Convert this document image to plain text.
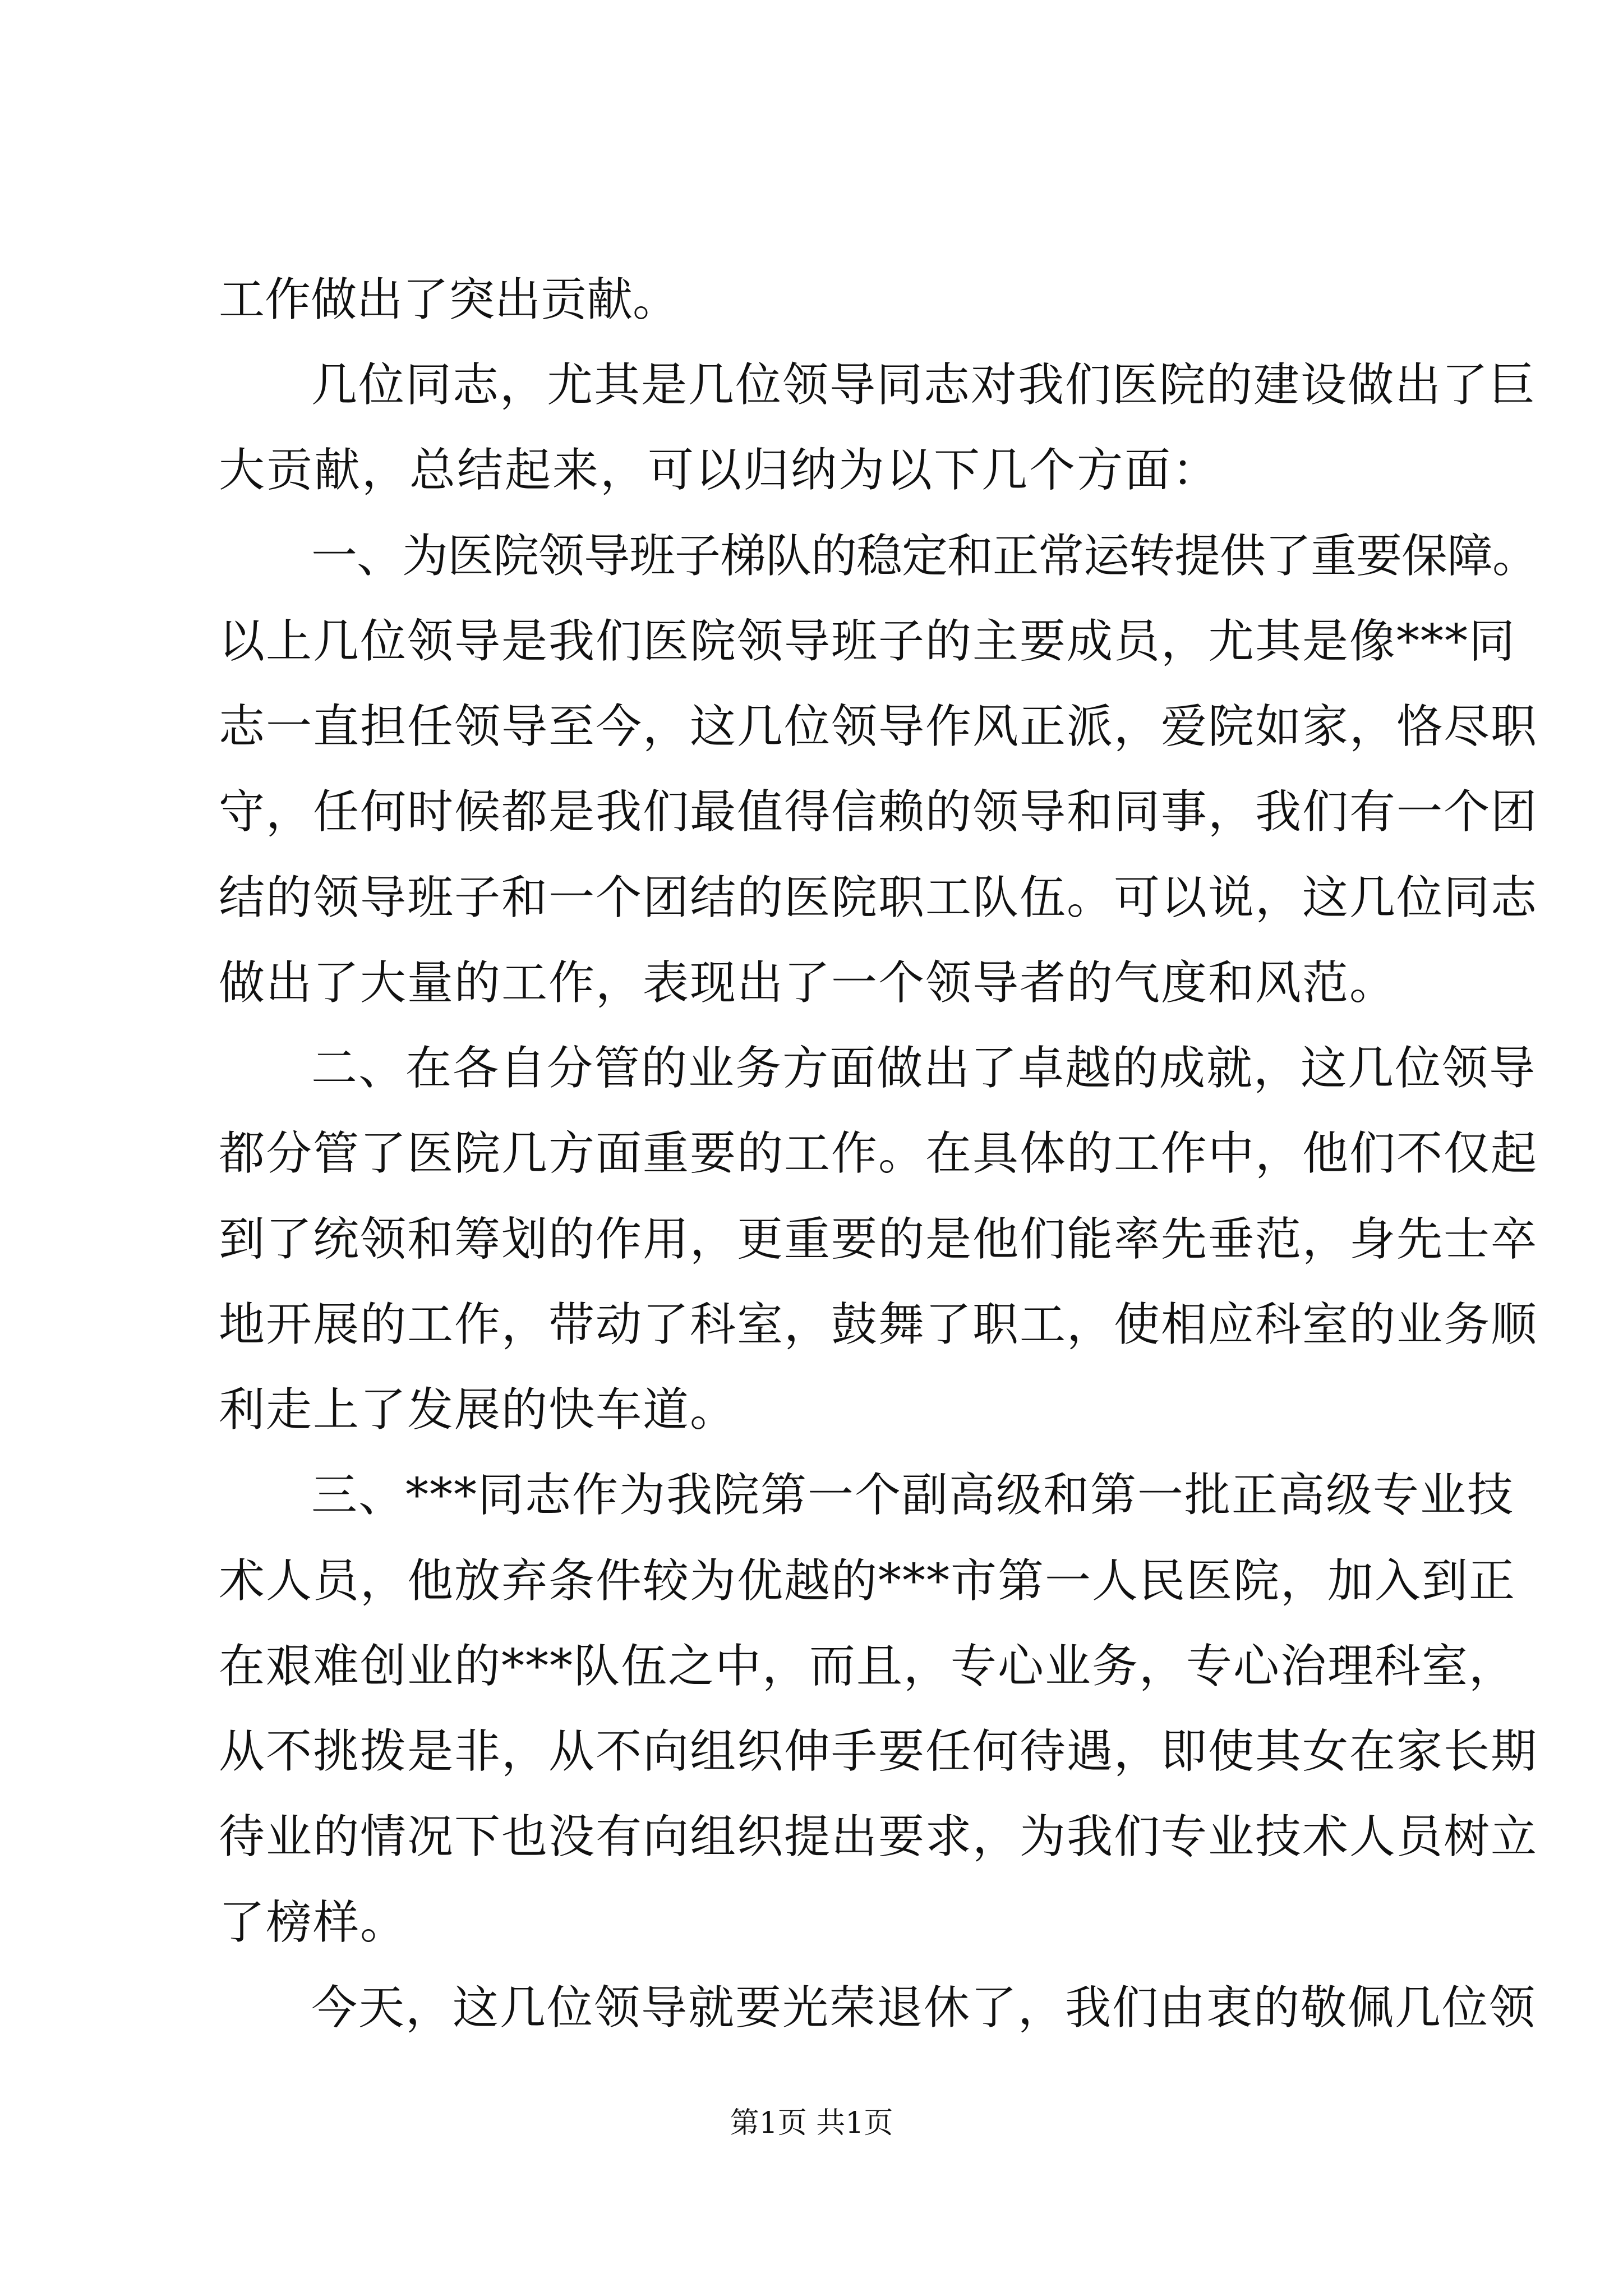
工作做出了突出贡献。
几位同志，尤其是几位领导同志对我们医院的建设做出了巨
大贡献，总结起来，可以归纳为以下几个方面：
一、为医院领导班子梯队的稳定和正常运转提供了重要保障。
以上几位领导是我们医院领导班子的主要成员，尤其是像***同
志一直担任领导至今，这几位领导作风正派，爱院如家，恪尽职
守，任何时候都是我们最值得信赖的领导和同事，我们有一个团
结的领导班子和一个团结的医院职工队伍。可以说，这几位同志
做出了大量的工作，表现出了一个领导者的气度和风范。
二、在各自分管的业务方面做出了卓越的成就，这几位领导
都分管了医院几方面重要的工作。在具体的工作中，他们不仅起
到了统领和筹划的作用，更重要的是他们能率先垂范，身先士卒
地开展的工作，带动了科室，鼓舞了职工，使相应科室的业务顺
利走上了发展的快车道。
三、***同志作为我院第一个副高级和第一批正高级专业技
术人员，他放弃条件较为优越的***市第一人民医院，加入到正
在艰难创业的***队伍之中，而且，专心业务，专心治理科室，
从不挑拨是非，从不向组织伸手要任何待遇，即使其女在家长期
待业的情况下也没有向组织提出要求，为我们专业技术人员树立
了榜样。
今天，这几位领导就要光荣退休了，我们由衷的敬佩几位领
第1页 共1页
